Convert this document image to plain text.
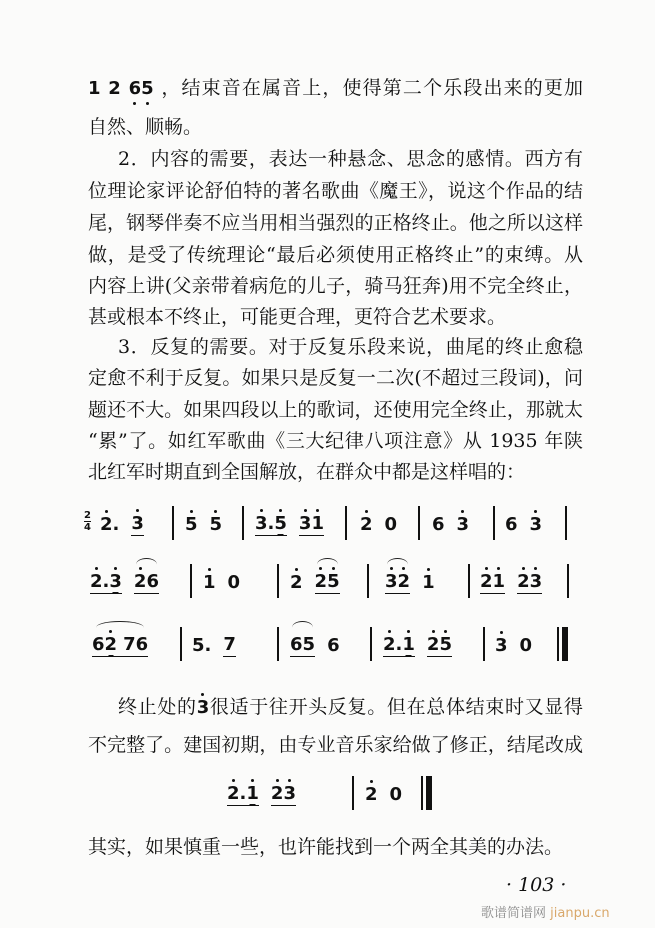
1 2 65 ，结束音在属音上，使得第二个乐段出来的更加
自然、顺畅。
2．内容的需要，表达一种悬念、思念的感情。西方有
位理论家评论舒伯特的著名歌曲《魔王》，说这个作品的结
尾，钢琴伴奏不应当用相当强烈的正格终止。他之所以这样
做，是受了传统理论“最后必须使用正格终止”的束缚。从
内容上讲(父亲带着病危的儿子，骑马狂奔)用不完全终止，
甚或根本不终止，可能更合理，更符合艺术要求。
3．反复的需要。对于反复乐段来说，曲尾的终止愈稳
定愈不利于反复。如果只是反复一二次(不超过三段词)，问
题还不大。如果四段以上的歌词，还使用完全终止，那就太
“累”了。如红军歌曲《三大纪律八项注意》从 1935 年陕
北红军时期直到全国解放，在群众中都是这样唱的：
2
4 2. 3 5 5 3.5 31 2 0 6 3 6 3
2.3 26 1 0	2 25	32 1	21 23
62 76 5. 7	65 6 2.1 25 3 0
终止处的3很适于往开头反复。但在总体结束时又显得
不完整了。建国初期，由专业音乐家给做了修正，结尾改成
2.1 23	2 0
其实，如果慎重一些，也许能找到一个两全其美的办法。
· 103 ·
歌谱简谱网 jianpu.cn
